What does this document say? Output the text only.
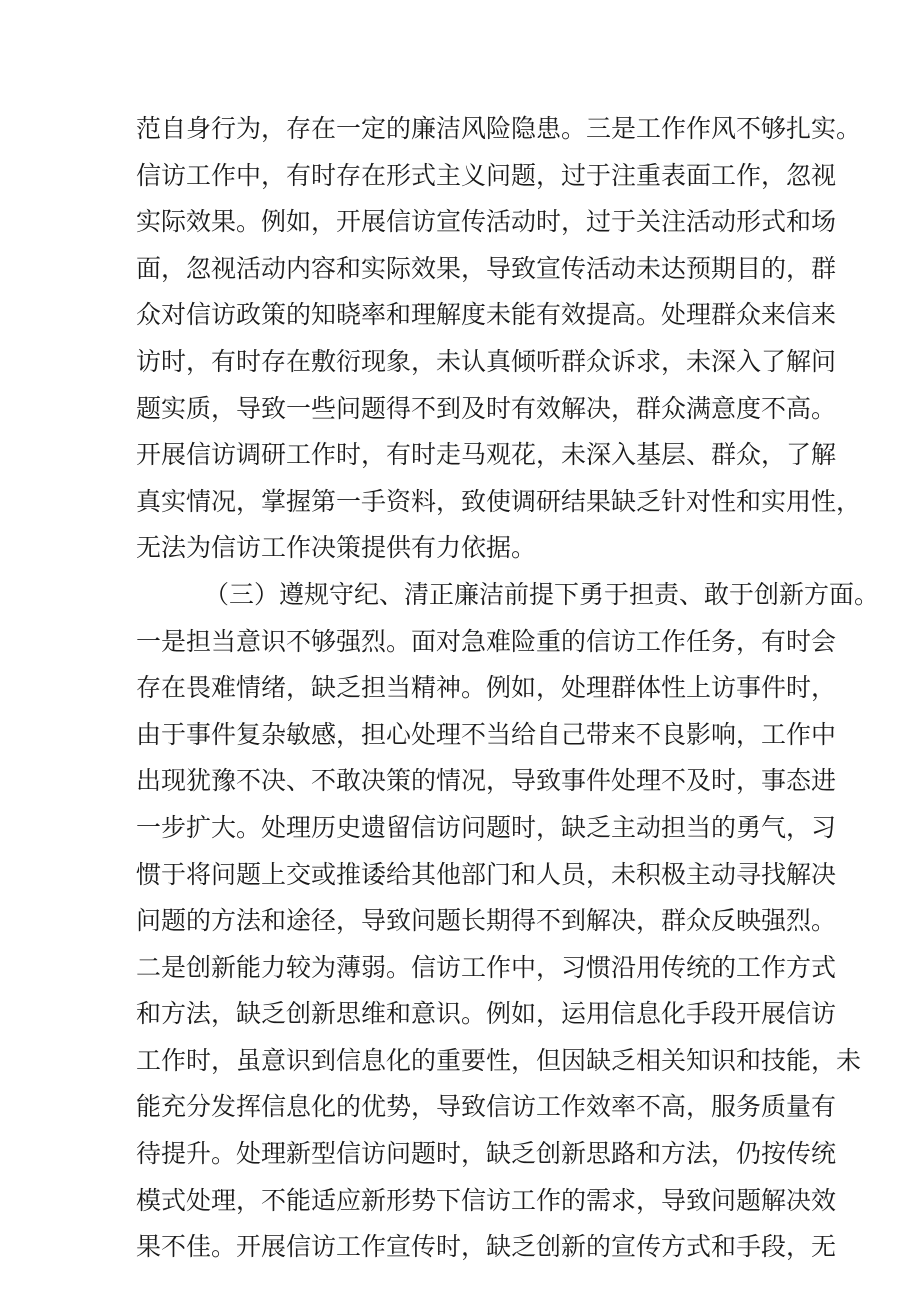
范自身行为，存在一定的廉洁风险隐患。三是工作作风不够扎实。
信访工作中，有时存在形式主义问题，过于注重表面工作，忽视
实际效果。例如，开展信访宣传活动时，过于关注活动形式和场
面，忽视活动内容和实际效果，导致宣传活动未达预期目的，群
众对信访政策的知晓率和理解度未能有效提高。处理群众来信来
访时，有时存在敷衍现象，未认真倾听群众诉求，未深入了解问
题实质，导致一些问题得不到及时有效解决，群众满意度不高。
开展信访调研工作时，有时走马观花，未深入基层、群众，了解
真实情况，掌握第一手资料，致使调研结果缺乏针对性和实用性，
无法为信访工作决策提供有力依据。
（三）遵规守纪、清正廉洁前提下勇于担责、敢于创新方面。
一是担当意识不够强烈。面对急难险重的信访工作任务，有时会
存在畏难情绪，缺乏担当精神。例如，处理群体性上访事件时，
由于事件复杂敏感，担心处理不当给自己带来不良影响，工作中
出现犹豫不决、不敢决策的情况，导致事件处理不及时，事态进
一步扩大。处理历史遗留信访问题时，缺乏主动担当的勇气，习
惯于将问题上交或推诿给其他部门和人员，未积极主动寻找解决
问题的方法和途径，导致问题长期得不到解决，群众反映强烈。
二是创新能力较为薄弱。信访工作中，习惯沿用传统的工作方式
和方法，缺乏创新思维和意识。例如，运用信息化手段开展信访
工作时，虽意识到信息化的重要性，但因缺乏相关知识和技能，未
能充分发挥信息化的优势，导致信访工作效率不高，服务质量有
待提升。处理新型信访问题时，缺乏创新思路和方法，仍按传统
模式处理，不能适应新形势下信访工作的需求，导致问题解决效
果不佳。开展信访工作宣传时，缺乏创新的宣传方式和手段，无
